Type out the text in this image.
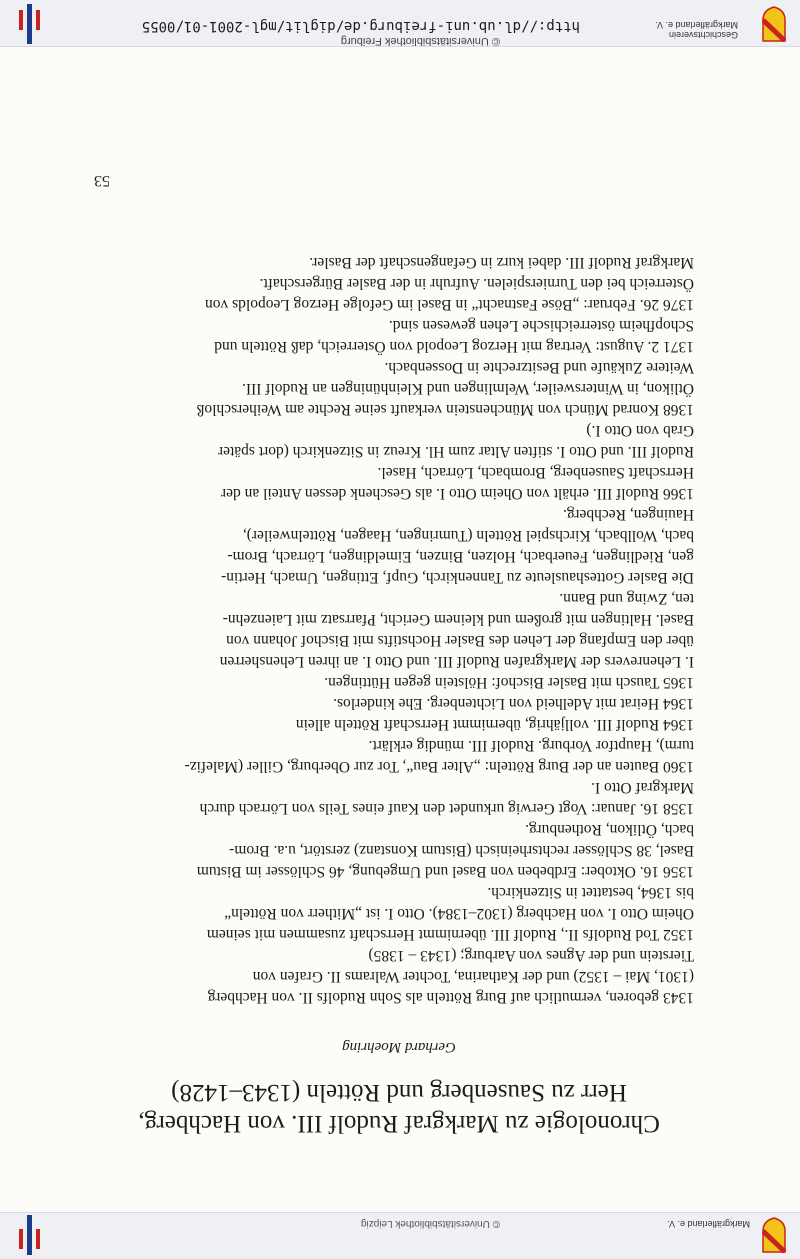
© Universitätsbibliothek Leipzig	Markgräflerland e. V.
Chronologie zu Markgraf Rudolf III. von Hachberg,
Herr zu Sausenberg und Rötteln (1343–1428)
Gerhard Moehring
1343 geboren, vermutlich auf Burg Rötteln als Sohn Rudolfs II. von Hachberg
(1301, Mai – 1352) und der Katharina, Tochter Walrams II. Grafen von
Tierstein und der Agnes von Aarburg; (1343 – 1385)
1352 Tod Rudolfs II., Rudolf III. übernimmt Herrschaft zusammen mit seinem
Oheim Otto I. von Hachberg (1302–1384). Otto I. ist „Mitherr von Rötteln“
bis 1364, bestattet in Sitzenkirch.
1356 16. Oktober: Erdbeben von Basel und Umgebung, 46 Schlösser im Bistum
Basel, 38 Schlösser rechtsrheinisch (Bistum Konstanz) zerstört, u.a. Brom-
bach, Ötlikon, Rothenburg.
1358 16. Januar: Vogt Gerwig urkundet den Kauf eines Teils von Lörrach durch
Markgraf Otto I.
1360 Bauten an der Burg Rötteln: „Alter Bau“, Tor zur Oberburg, Giller (Malefiz-
turm), Hauptfor Vorburg. Rudolf III. mündig erklärt.
1364 Rudolf III. volljährig, übernimmt Herrschaft Rötteln allein
1364 Heirat mit Adelheid von Lichtenberg. Ehe kinderlos.
1365 Tausch mit Basler Bischof: Hölstein gegen Hüttingen.
I. Lehenrevers der Markgrafen Rudolf III. und Otto I. an ihren Lehensherren
über den Empfang der Lehen des Basler Hochstifts mit Bischof Johann von
Basel. Haltingen mit großem und kleinem Gericht, Pfarrsatz mit Laienzehn-
ten, Zwing und Bann.
Die Basler Gotteshausleute zu Tannenkirch, Gupf, Ettingen, Umach, Hertin-
gen, Riedlingen, Feuerbach, Holzen, Binzen, Eimeldingen, Lörrach, Brom-
bach, Wollbach, Kirchspiel Rötteln (Tumringen, Haagen, Röttelnweiler),
Hauingen, Rechberg.
1366 Rudolf III. erhält von Oheim Otto I. als Geschenk dessen Anteil an der
Herrschaft Sausenberg, Brombach, Lörrach, Hasel.
Rudolf III. und Otto I. stiften Altar zum Hl. Kreuz in Sitzenkirch (dort später
Grab von Otto I.)
1368 Konrad Münch von Münchenstein verkauft seine Rechte am Weiherschloß
Ötlikon, in Wintersweiler, Welmlingen und Kleinhüningen an Rudolf III.
Weitere Zukäufe und Besitzrechte in Dossenbach.
1371 2. August: Vertrag mit Herzog Leopold von Österreich, daß Rötteln und
Schopfheim österreichische Lehen gewesen sind.
1376 26. Februar: „Böse Fastnacht“ in Basel im Gefolge Herzog Leopolds von
Österreich bei den Turnierspielen. Aufruhr in der Basler Bürgerschaft.
Markgraf Rudolf III. dabei kurz in Gefangenschaft der Basler.
53
http://dl.ub.uni-freiburg.de/diglit/mgl-2001-01/0055
© Universitätsbibliothek Freiburg	Geschichtsverein
Markgräflerland e. V.
